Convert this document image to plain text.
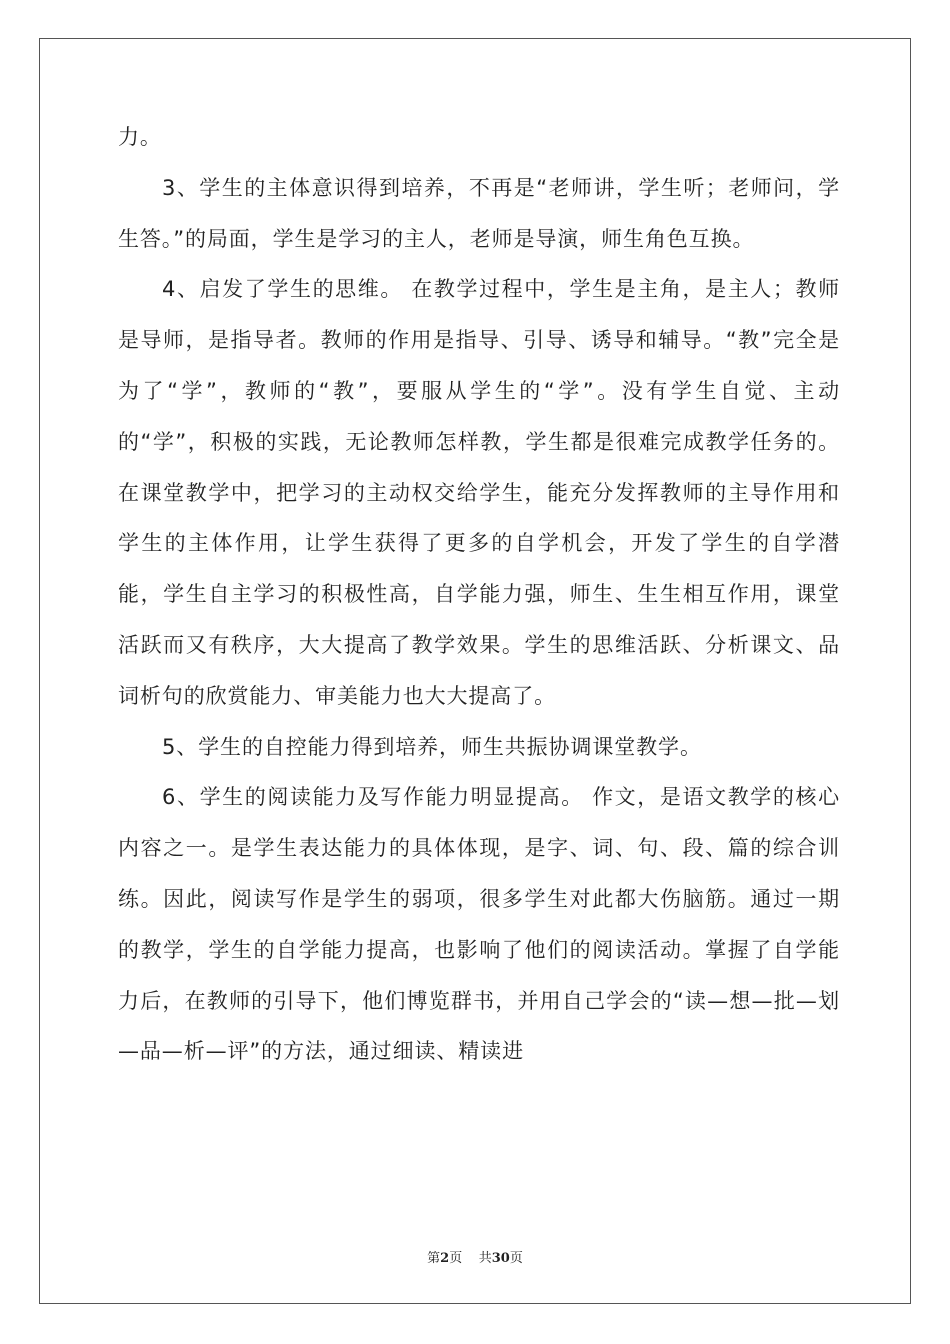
力。

3、学生的主体意识得到培养，不再是“老师讲，学生听；老师问，学生答。”的局面，学生是学习的主人，老师是导演，师生角色互换。

4、启发了学生的思维。 在教学过程中，学生是主角，是主人；教师是导师，是指导者。教师的作用是指导、引导、诱导和辅导。“教”完全是为了“学”，教师的“教”，要服从学生的“学”。没有学生自觉、主动的“学”，积极的实践，无论教师怎样教，学生都是很难完成教学任务的。在课堂教学中，把学习的主动权交给学生，能充分发挥教师的主导作用和学生的主体作用，让学生获得了更多的自学机会，开发了学生的自学潜能，学生自主学习的积极性高，自学能力强，师生、生生相互作用，课堂活跃而又有秩序，大大提高了教学效果。学生的思维活跃、分析课文、品词析句的欣赏能力、审美能力也大大提高了。

5、学生的自控能力得到培养，师生共振协调课堂教学。

6、学生的阅读能力及写作能力明显提高。 作文，是语文教学的核心内容之一。是学生表达能力的具体体现，是字、词、句、段、篇的综合训练。因此，阅读写作是学生的弱项，很多学生对此都大伤脑筋。通过一期的教学，学生的自学能力提高，也影响了他们的阅读活动。掌握了自学能力后，在教师的引导下，他们博览群书，并用自己学会的“读—想—批—划—品—析—评”的方法，通过细读、精读进

第2页 共30页
